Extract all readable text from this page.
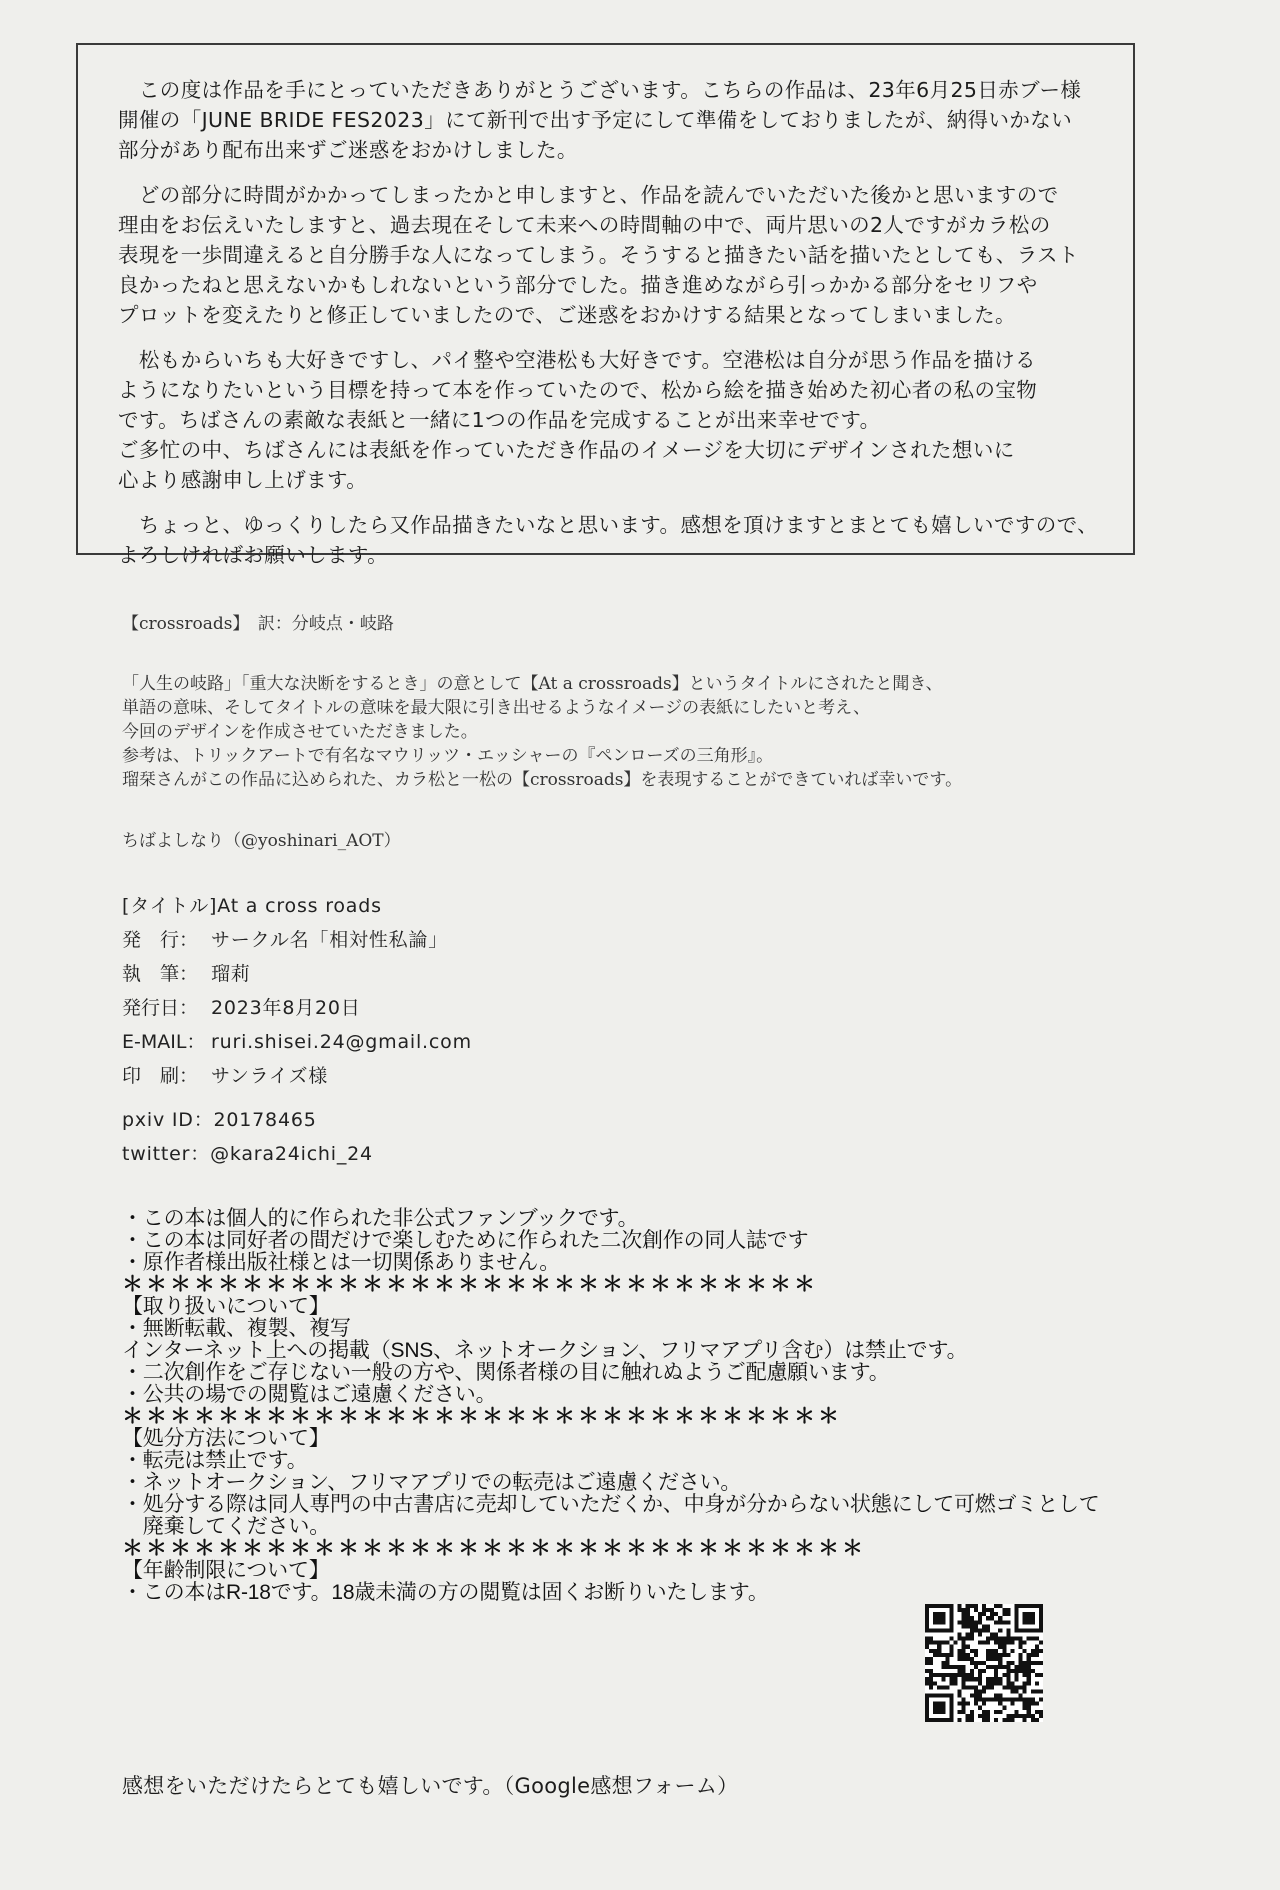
　この度は作品を手にとっていただきありがとうございます。こちらの作品は、23年6月25日赤ブー様
開催の「JUNE BRIDE FES2023」にて新刊で出す予定にして準備をしておりましたが、納得いかない
部分があり配布出来ずご迷惑をおかけしました。

　どの部分に時間がかかってしまったかと申しますと、作品を読んでいただいた後かと思いますので
理由をお伝えいたしますと、過去現在そして未来への時間軸の中で、両片思いの2人ですがカラ松の
表現を一歩間違えると自分勝手な人になってしまう。そうすると描きたい話を描いたとしても、ラスト
良かったねと思えないかもしれないという部分でした。描き進めながら引っかかる部分をセリフや
プロットを変えたりと修正していましたので、ご迷惑をおかけする結果となってしまいました。

　松もからいちも大好きですし、パイ整や空港松も大好きです。空港松は自分が思う作品を描ける
ようになりたいという目標を持って本を作っていたので、松から絵を描き始めた初心者の私の宝物
です。ちばさんの素敵な表紙と一緒に1つの作品を完成することが出来幸せです。
ご多忙の中、ちばさんには表紙を作っていただき作品のイメージを大切にデザインされた想いに
心より感謝申し上げます。

　ちょっと、ゆっくりしたら又作品描きたいなと思います。感想を頂けますとまとても嬉しいですので、
よろしければお願いします。

【crossroads】　訳：分岐点・岐路

「人生の岐路」「重大な決断をするとき」の意として【At a crossroads】というタイトルにされたと聞き、
単語の意味、そしてタイトルの意味を最大限に引き出せるようなイメージの表紙にしたいと考え、
今回のデザインを作成させていただきました。
参考は、トリックアートで有名なマウリッツ・エッシャーの『ペンローズの三角形』。
瑠栞さんがこの作品に込められた、カラ松と一松の【crossroads】を表現することができていれば幸いです。

ちばよしなり（@yoshinari_AOT）

[タイトル] At a cross roads
発　行： サークル名「相対性私論」
執　筆： 瑠莉
発行日： 2023年8月20日
E-MAIL： ruri.shisei.24@gmail.com
印　刷： サンライズ様
pxiv ID：20178465
twitter：@kara24ichi_24
・この本は個人的に作られた非公式ファンブックです。
・この本は同好者の間だけで楽しむために作られた二次創作の同人誌です
・原作者様出版社様とは一切関係ありません。
＊＊＊＊＊＊＊＊＊＊＊＊＊＊＊＊＊＊＊＊＊＊＊＊＊＊＊＊＊
【取り扱いについて】
・無断転載、複製、複写
インターネット上への掲載（SNS、ネットオークション、フリマアプリ含む）は禁止です。
・二次創作をご存じない一般の方や、関係者様の目に触れぬようご配慮願います。
・公共の場での閲覧はご遠慮ください。
＊＊＊＊＊＊＊＊＊＊＊＊＊＊＊＊＊＊＊＊＊＊＊＊＊＊＊＊＊＊
【処分方法について】
・転売は禁止です。
・ネットオークション、フリマアプリでの転売はご遠慮ください。
・処分する際は同人専門の中古書店に売却していただくか、中身が分からない状態にして可燃ゴミとして
　廃棄してください。
＊＊＊＊＊＊＊＊＊＊＊＊＊＊＊＊＊＊＊＊＊＊＊＊＊＊＊＊＊＊＊
【年齢制限について】
・この本はR-18です。18歳未満の方の閲覧は固くお断りいたします。
感想をいただけたらとても嬉しいです。（Google感想フォーム）
